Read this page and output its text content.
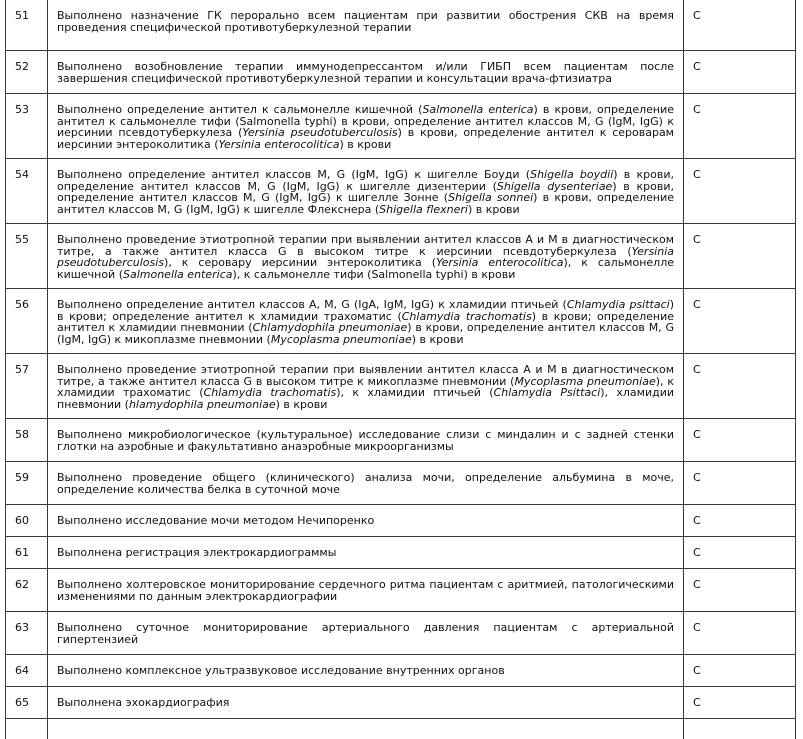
51	Выполнено назначение ГК перорально всем пациентам при развитии обострения СКВ на время проведения специфической противотуберкулезной терапии	С
52	Выполнено возобновление терапии иммунодепрессантом и/или ГИБП всем пациентам после завершения специфической противотуберкулезной терапии и консультации врача-фтизиатра	С
53	Выполнено определение антител к сальмонелле кишечной (Salmonella enterica) в крови, определение антител к сальмонелле тифи (Salmonella typhi) в крови, определение антител классов M, G (IgM, IgG) к иерсинии псевдотуберкулеза (Yersinia pseudotuberculosis) в крови, определение антител к сероварам иерсинии энтероколитика (Yersinia enterocolitica) в крови	С
54	Выполнено определение антител классов M, G (IgM, IgG) к шигелле Боуди (Shigella boydii) в крови, определение антител классов M, G (IgM, IgG) к шигелле дизентерии (Shigella dysenteriae) в крови, определение антител классов M, G (IgM, IgG) к шигелле Зонне (Shigella sonnei) в крови, определение антител классов M, G (IgM, IgG) к шигелле Флекснера (Shigella flexneri) в крови	С
55	Выполнено проведение этиотропной терапии при выявлении антител классов A и M в диагностическом титре, а также антител класса G в высоком титре к иерсинии псевдотуберкулеза (Yersinia pseudotuberculosis), к серовару иерсинии энтероколитика (Yersinia enterocolitica), к сальмонелле кишечной (Salmonella enterica), к сальмонелле тифи (Salmonella typhi) в крови	С
56	Выполнено определение антител классов A, M, G (IgA, IgM, IgG) к хламидии птичьей (Chlamydia psittaci) в крови; определение антител к хламидии трахоматис (Chlamydia trachomatis) в крови; определение антител к хламидии пневмонии (Chlamydophila pneumoniae) в крови, определение антител классов M, G (IgM, IgG) к микоплазме пневмонии (Mycoplasma pneumoniae) в крови	С
57	Выполнено проведение этиотропной терапии при выявлении антител класса A и M в диагностическом титре, а также антител класса G в высоком титре к микоплазме пневмонии (Mycoplasma pneumoniae), к хламидии трахоматис (Chlamydia trachomatis), к хламидии птичьей (Chlamydia Psittaci), хламидии пневмонии (hlamydophila pneumoniae) в крови	С
58	Выполнено микробиологическое (культуральное) исследование слизи с миндалин и с задней стенки глотки на аэробные и факультативно анаэробные микроорганизмы	С
59	Выполнено проведение общего (клинического) анализа мочи, определение альбумина в моче, определение количества белка в суточной моче	С
60	Выполнено исследование мочи методом Нечипоренко	С
61	Выполнена регистрация электрокардиограммы	С
62	Выполнено холтеровское мониторирование сердечного ритма пациентам с аритмией, патологическими изменениями по данным электрокардиографии	С
63	Выполнено суточное мониторирование артериального давления пациентам с артериальной гипертензией	С
64	Выполнено комплексное ультразвуковое исследование внутренних органов	С
65	Выполнена эхокардиография	С
